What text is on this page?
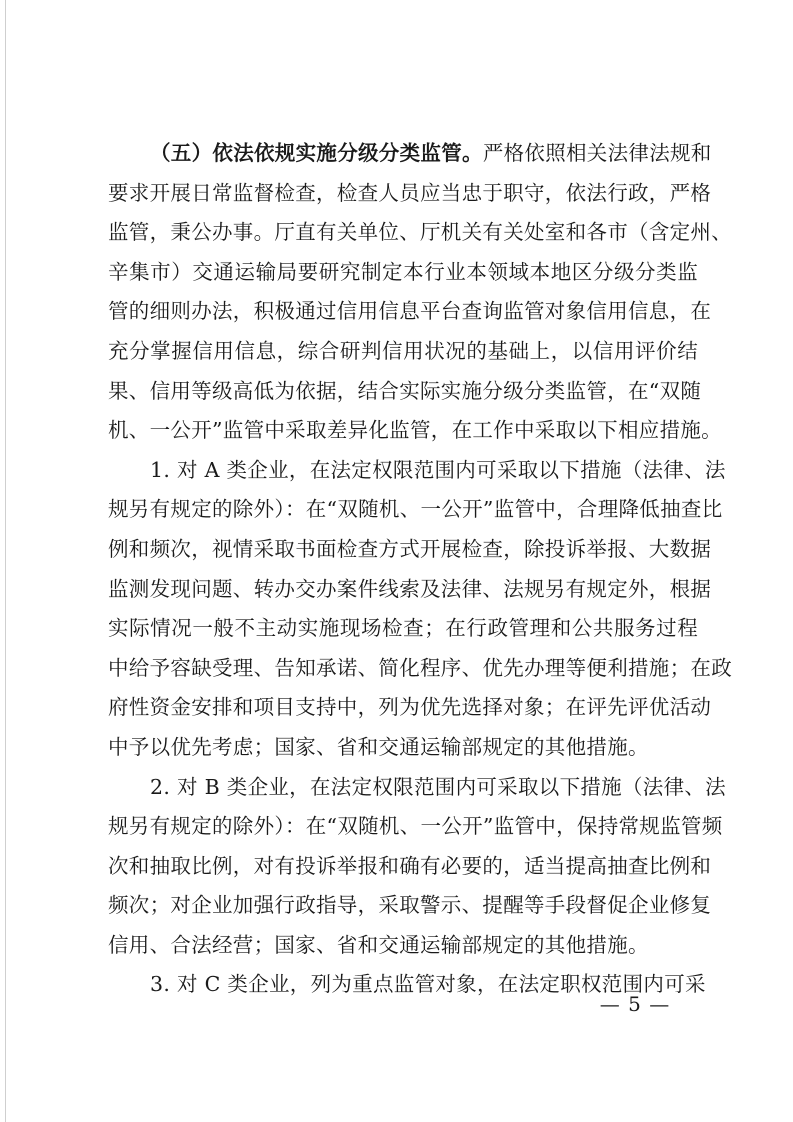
（五）依法依规实施分级分类监管。严格依照相关法律法规和
要求开展日常监督检查，检查人员应当忠于职守，依法行政，严格
监管，秉公办事。厅直有关单位、厅机关有关处室和各市（含定州、
辛集市）交通运输局要研究制定本行业本领域本地区分级分类监
管的细则办法，积极通过信用信息平台查询监管对象信用信息，在
充分掌握信用信息，综合研判信用状况的基础上，以信用评价结
果、信用等级高低为依据，结合实际实施分级分类监管，在“双随
机、一公开”监管中采取差异化监管，在工作中采取以下相应措施。
1. 对 A 类企业，在法定权限范围内可采取以下措施（法律、法
规另有规定的除外）：在“双随机、一公开”监管中，合理降低抽查比
例和频次，视情采取书面检查方式开展检查，除投诉举报、大数据
监测发现问题、转办交办案件线索及法律、法规另有规定外，根据
实际情况一般不主动实施现场检查；在行政管理和公共服务过程
中给予容缺受理、告知承诺、简化程序、优先办理等便利措施；在政
府性资金安排和项目支持中，列为优先选择对象；在评先评优活动
中予以优先考虑；国家、省和交通运输部规定的其他措施。
2. 对 B 类企业，在法定权限范围内可采取以下措施（法律、法
规另有规定的除外）：在“双随机、一公开”监管中，保持常规监管频
次和抽取比例，对有投诉举报和确有必要的，适当提高抽查比例和
频次；对企业加强行政指导，采取警示、提醒等手段督促企业修复
信用、合法经营；国家、省和交通运输部规定的其他措施。
3. 对 C 类企业，列为重点监管对象，在法定职权范围内可采
— 5 —
